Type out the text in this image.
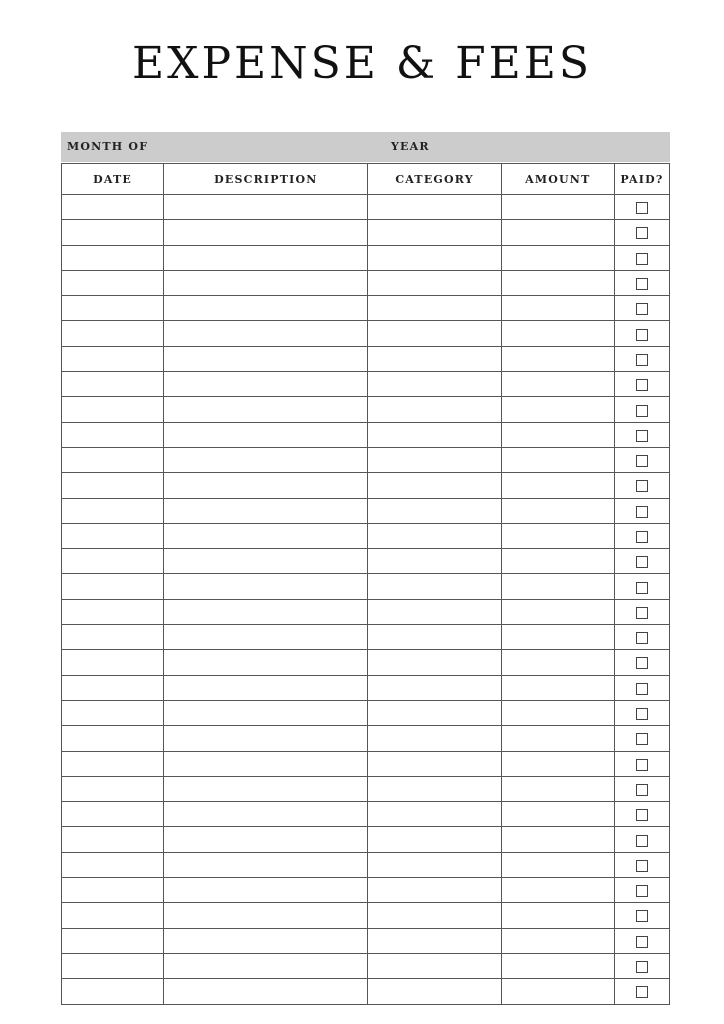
EXPENSE & FEES
MONTH OF	YEAR
DATE	DESCRIPTION	CATEGORY	AMOUNT	PAID?
